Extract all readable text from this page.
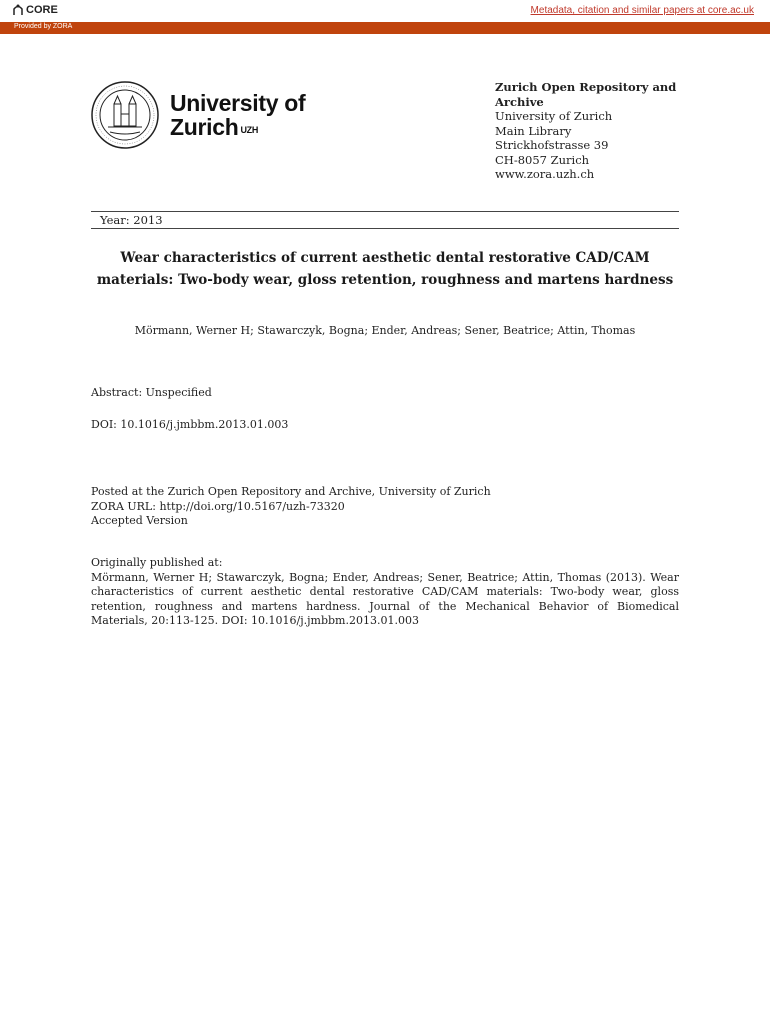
CORE	Metadata, citation and similar papers at core.ac.uk
Provided by ZORA
University of
Zurich $^{UZH}$
Zurich Open Repository and
Archive
University of Zurich
Main Library
Strickhofstrasse 39
CH-8057 Zurich
www.zora.uzh.ch
Year: 2013
Wear characteristics of current aesthetic dental restorative CAD/CAM
materials: Two-body wear, gloss retention, roughness and martens hardness
Mörmann, Werner H; Stawarczyk, Bogna; Ender, Andreas; Sener, Beatrice; Attin, Thomas
Abstract: Unspecified
DOI: 10.1016/j.jmbbm.2013.01.003
Posted at the Zurich Open Repository and Archive, University of Zurich
ZORA URL: http://doi.org/10.5167/uzh-73320
Accepted Version
Originally published at:
Mörmann, Werner H; Stawarczyk, Bogna; Ender, Andreas; Sener, Beatrice; Attin, Thomas (2013). Wear characteristics of current aesthetic dental restorative CAD/CAM materials: Two-body wear, gloss retention, roughness and martens hardness. Journal of the Mechanical Behavior of Biomedical Materials, 20:113-125. DOI: 10.1016/j.jmbbm.2013.01.003
